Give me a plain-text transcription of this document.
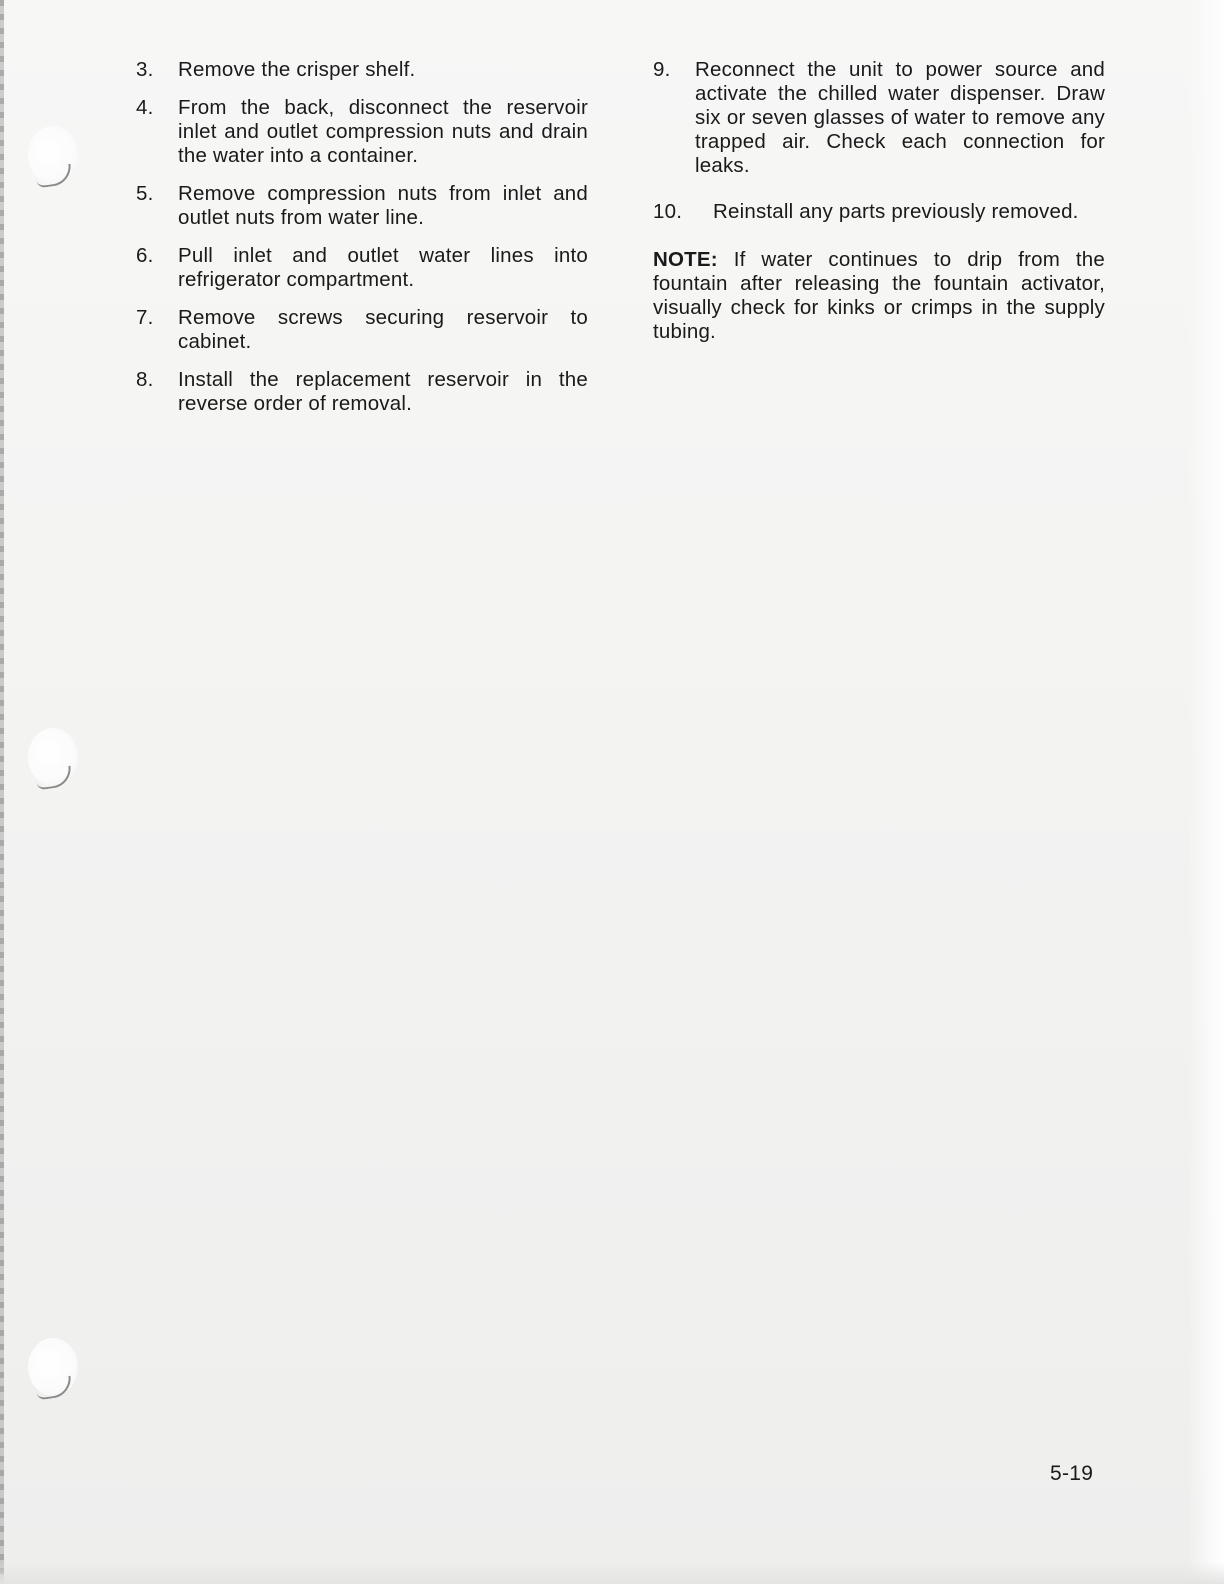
3.	Remove the crisper shelf.
4.	From the back, disconnect the reservoir inlet and outlet compression nuts and drain the water into a container.
5.	Remove compression nuts from inlet and outlet nuts from water line.
6.	Pull inlet and outlet water lines into refrigerator compartment.
7.	Remove screws securing reservoir to cabinet.
8.	Install the replacement reservoir in the reverse order of removal.
9.	Reconnect the unit to power source and activate the chilled water dispenser. Draw six or seven glasses of water to remove any trapped air. Check each connection for leaks.
10.	Reinstall any parts previously removed.

NOTE: If water continues to drip from the fountain after releasing the fountain activator, visually check for kinks or crimps in the supply tubing.

5-19
